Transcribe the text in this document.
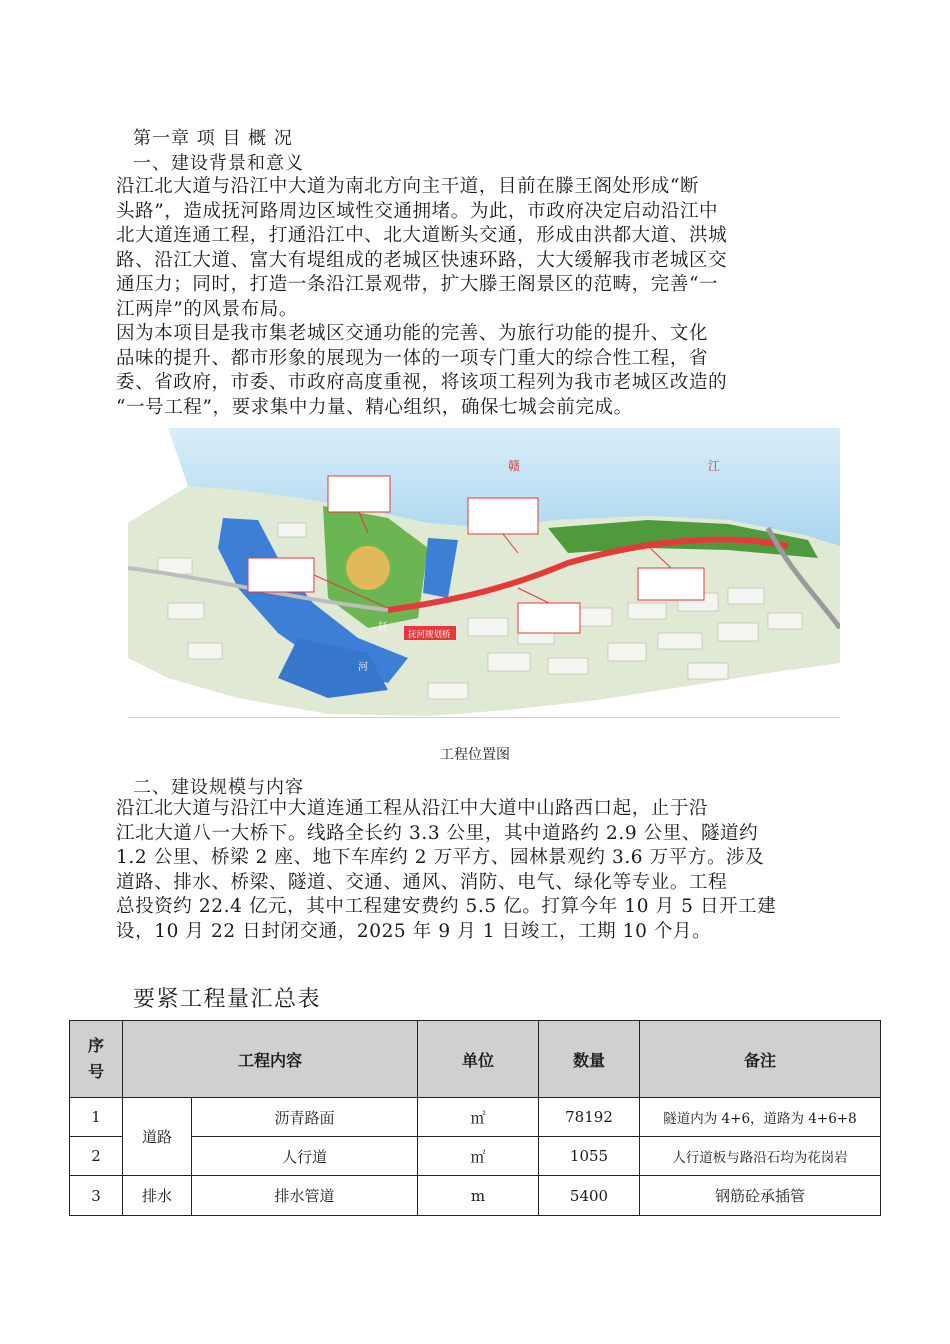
第一章 项 目 概 况
一、建设背景和意义
沿江北大道与沿江中大道为南北方向主干道，目前在滕王阁处形成“断
头路”，造成抚河路周边区域性交通拥堵。为此，市政府决定启动沿江中
北大道连通工程，打通沿江中、北大道断头交通，形成由洪都大道、洪城
路、沿江大道、富大有堤组成的老城区快速环路，大大缓解我市老城区交
通压力；同时，打造一条沿江景观带，扩大滕王阁景区的范畴，完善“一
江两岸”的风景布局。
因为本项目是我市集老城区交通功能的完善、为旅行功能的提升、文化
品味的提升、都市形象的展现为一体的一项专门重大的综合性工程，省
委、省政府，市委、市政府高度重视，将该项工程列为我市老城区改造的
“一号工程”，要求集中力量、精心组织，确保七城会前完成。
赣	江
抚
河
抚河规划桥
工程位置图
二、建设规模与内容
沿江北大道与沿江中大道连通工程从沿江中大道中山路西口起，止于沿
江北大道八一大桥下。线路全长约 3.3 公里，其中道路约 2.9 公里、隧道约
1.2 公里、桥梁 2 座、地下车库约 2 万平方、园林景观约 3.6 万平方。涉及
道路、排水、桥梁、隧道、交通、通风、消防、电气、绿化等专业。工程
总投资约 22.4 亿元，其中工程建安费约 5.5 亿。打算今年 10 月 5 日开工建
设，10 月 22 日封闭交通，2025 年 9 月 1 日竣工，工期 10 个月。
要紧工程量汇总表
序号	工程内容		单位	数量	备注
1	道路	沥青路面	㎡	78192	隧道内为 4+6，道路为 4+6+8
2		人行道	㎡	1055	人行道板与路沿石均为花岗岩
3	排水	排水管道	m	5400	钢筋砼承插管
